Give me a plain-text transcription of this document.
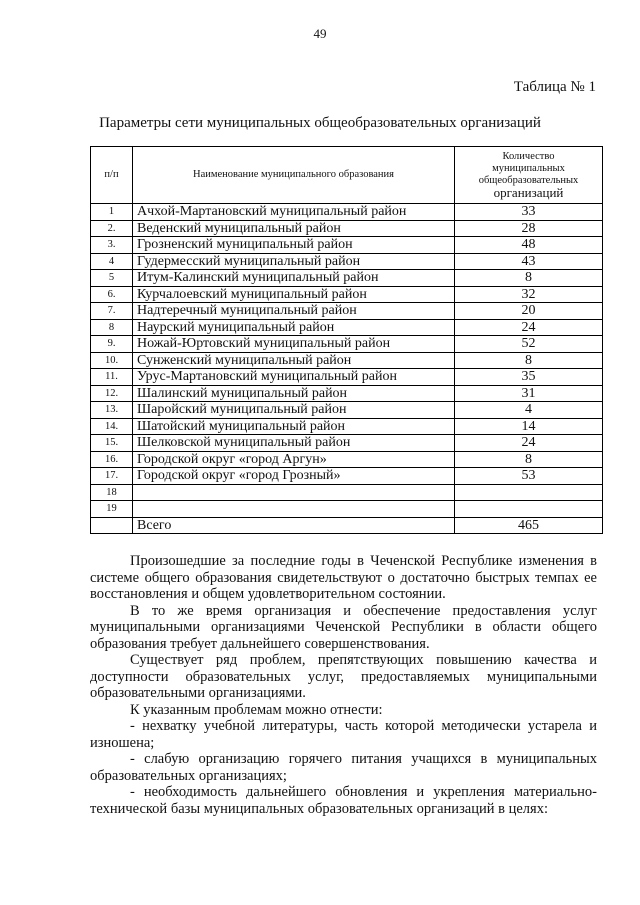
49
Таблица № 1
Параметры сети муниципальных общеобразовательных организаций
п/п	Наименование муниципального образования	Количество
муниципальных
общеобразовательных
организаций

1	Ачхой-Мартановский муниципальный район	33
2.	Веденский муниципальный район	28
3.	Грозненский муниципальный район	48
4	Гудермесский муниципальный район	43
5	Итум-Калинский муниципальный район	8
6.	Курчалоевский муниципальный район	32
7.	Надтеречный муниципальный район	20
8	Наурский муниципальный район	24
9.	Ножай-Юртовский муниципальный район	52
10.	Сунженский муниципальный район	8
11.	Урус-Мартановский муниципальный район	35
12.	Шалинский муниципальный район	31
13.	Шаройский муниципальный район	4
14.	Шатойский муниципальный район	14
15.	Шелковской муниципальный район	24
16.	Городской округ «город Аргун»	8
17.	Городской округ «город Грозный»	53
18		
19		
	Всего	465

Произошедшие за последние годы в Чеченской Республике изменения в системе общего образования свидетельствуют о достаточно быстрых темпах ее восстановления и общем удовлетворительном состоянии.

В то же время организация и обеспечение предоставления услуг муниципальными организациями Чеченской Республики в области общего образования требует дальнейшего совершенствования.

Существует ряд проблем, препятствующих повышению качества и доступности образовательных услуг, предоставляемых муниципальными образовательными организациями.

К указанным проблемам можно отнести:

- нехватку учебной литературы, часть которой методически устарела и изношена;

- слабую организацию горячего питания учащихся в муниципальных образовательных организациях;

- необходимость дальнейшего обновления и укрепления материально-технической базы муниципальных образовательных организаций в целях:
